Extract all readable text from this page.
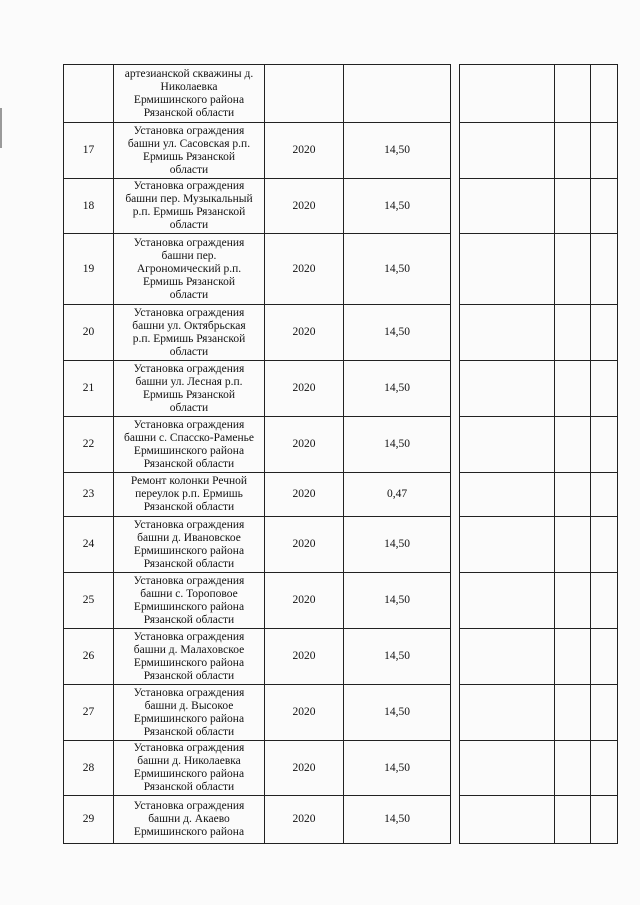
	артезианской скважины д.
Николаевка
Ермишинского района
Рязанской области						
17	Установка ограждения
башни ул. Сасовская р.п.
Ермишь Рязанской
области	2020	14,50				
18	Установка ограждения
башни пер. Музыкальный
р.п. Ермишь Рязанской
области	2020	14,50				
19	Установка ограждения
башни пер.
Агрономический р.п.
Ермишь Рязанской
области	2020	14,50				
20	Установка ограждения
башни ул. Октябрьская
р.п. Ермишь Рязанской
области	2020	14,50				
21	Установка ограждения
башни ул. Лесная р.п.
Ермишь Рязанской
области	2020	14,50				
22	Установка ограждения
башни с. Спасско-Раменье
Ермишинского района
Рязанской области	2020	14,50				
23	Ремонт колонки Речной
переулок р.п. Ермишь
Рязанской области	2020	0,47				
24	Установка ограждения
башни д. Ивановское
Ермишинского района
Рязанской области	2020	14,50				
25	Установка ограждения
башни с. Тороповое
Ермишинского района
Рязанской области	2020	14,50				
26	Установка ограждения
башни д. Малаховское
Ермишинского района
Рязанской области	2020	14,50				
27	Установка ограждения
башни д. Высокое
Ермишинского района
Рязанской области	2020	14,50				
28	Установка ограждения
башни д. Николаевка
Ермишинского района
Рязанской области	2020	14,50				
29	Установка ограждения
башни д. Акаево
Ермишинского района	2020	14,50				
